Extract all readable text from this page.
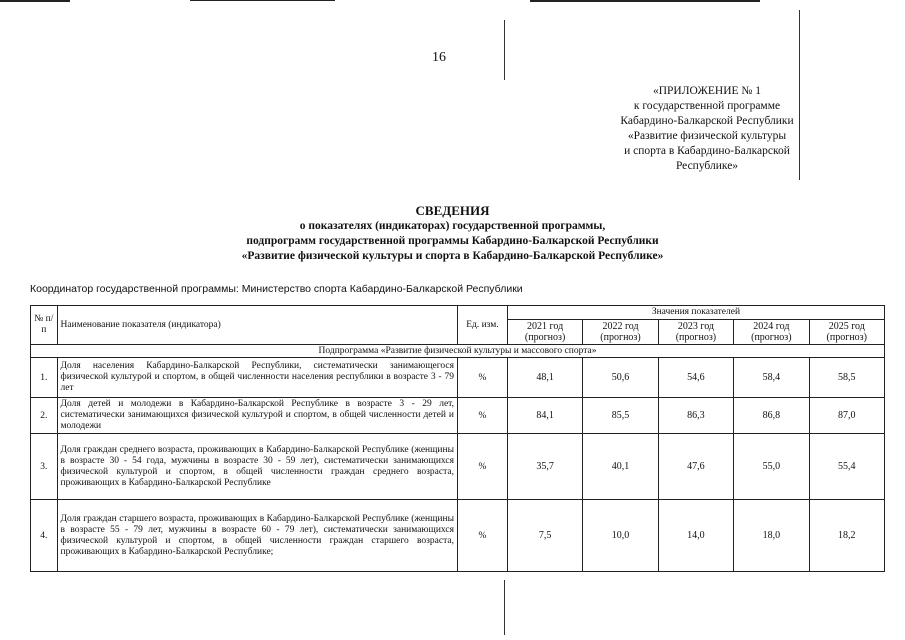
16
«ПРИЛОЖЕНИЕ № 1
к государственной программе
Кабардино-Балкарской Республики
«Развитие физической культуры
и спорта в Кабардино-Балкарской
Республике»
СВЕДЕНИЯ
о показателях (индикаторах) государственной программы,
подпрограмм государственной программы Кабардино-Балкарской Республики
«Развитие физической культуры и спорта в Кабардино-Балкарской Республике»
Координатор государственной программы: Министерство спорта Кабардино-Балкарской Республики
№ п/п	Наименование показателя (индикатора)	Ед. изм.	Значения показателей				
			2021 год (прогноз)	2022 год (прогноз)	2023 год (прогноз)	2024 год (прогноз)	2025 год (прогноз)
Подпрограмма «Развитие физической культуры и массового спорта»							
1.	Доля населения Кабардино-Балкарской Республики, систематически занимающегося физической культурой и спортом, в общей численности населения республики в возрасте 3 - 79 лет	%	48,1	50,6	54,6	58,4	58,5
2.	Доля детей и молодежи в Кабардино-Балкарской Республике в возрасте 3 - 29 лет, систематически занимающихся физической культурой и спортом, в общей численности детей и молодежи	%	84,1	85,5	86,3	86,8	87,0
3.	Доля граждан среднего возраста, проживающих в Кабардино-Балкарской Республике (женщины в возрасте 30 - 54 года, мужчины в возрасте 30 - 59 лет), систематически занимающихся физической культурой и спортом, в общей численности граждан среднего возраста, проживающих в Кабардино-Балкарской Республике	%	35,7	40,1	47,6	55,0	55,4
4.	Доля граждан старшего возраста, проживающих в Кабардино-Балкарской Республике (женщины в возрасте 55 - 79 лет, мужчины в возрасте 60 - 79 лет), систематически занимающихся физической культурой и спортом, в общей численности граждан старшего возраста, проживающих в Кабардино-Балкарской Республике;	%	7,5	10,0	14,0	18,0	18,2
